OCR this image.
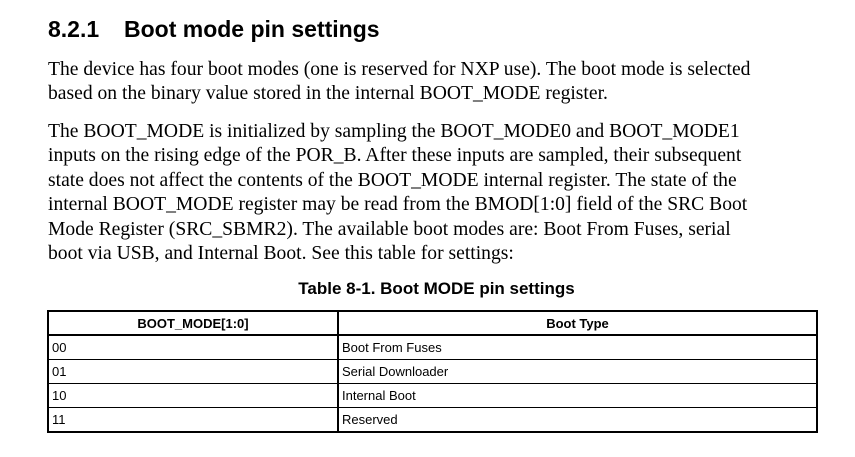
8.2.1 Boot mode pin settings

The device has four boot modes (one is reserved for NXP use). The boot mode is selected
based on the binary value stored in the internal BOOT_MODE register.

The BOOT_MODE is initialized by sampling the BOOT_MODE0 and BOOT_MODE1
inputs on the rising edge of the POR_B. After these inputs are sampled, their subsequent
state does not affect the contents of the BOOT_MODE internal register. The state of the
internal BOOT_MODE register may be read from the BMOD[1:0] field of the SRC Boot
Mode Register (SRC_SBMR2). The available boot modes are: Boot From Fuses, serial
boot via USB, and Internal Boot. See this table for settings:

Table 8-1. Boot MODE pin settings
BOOT_MODE[1:0]	Boot Type
00	Boot From Fuses
01	Serial Downloader
10	Internal Boot
11	Reserved
